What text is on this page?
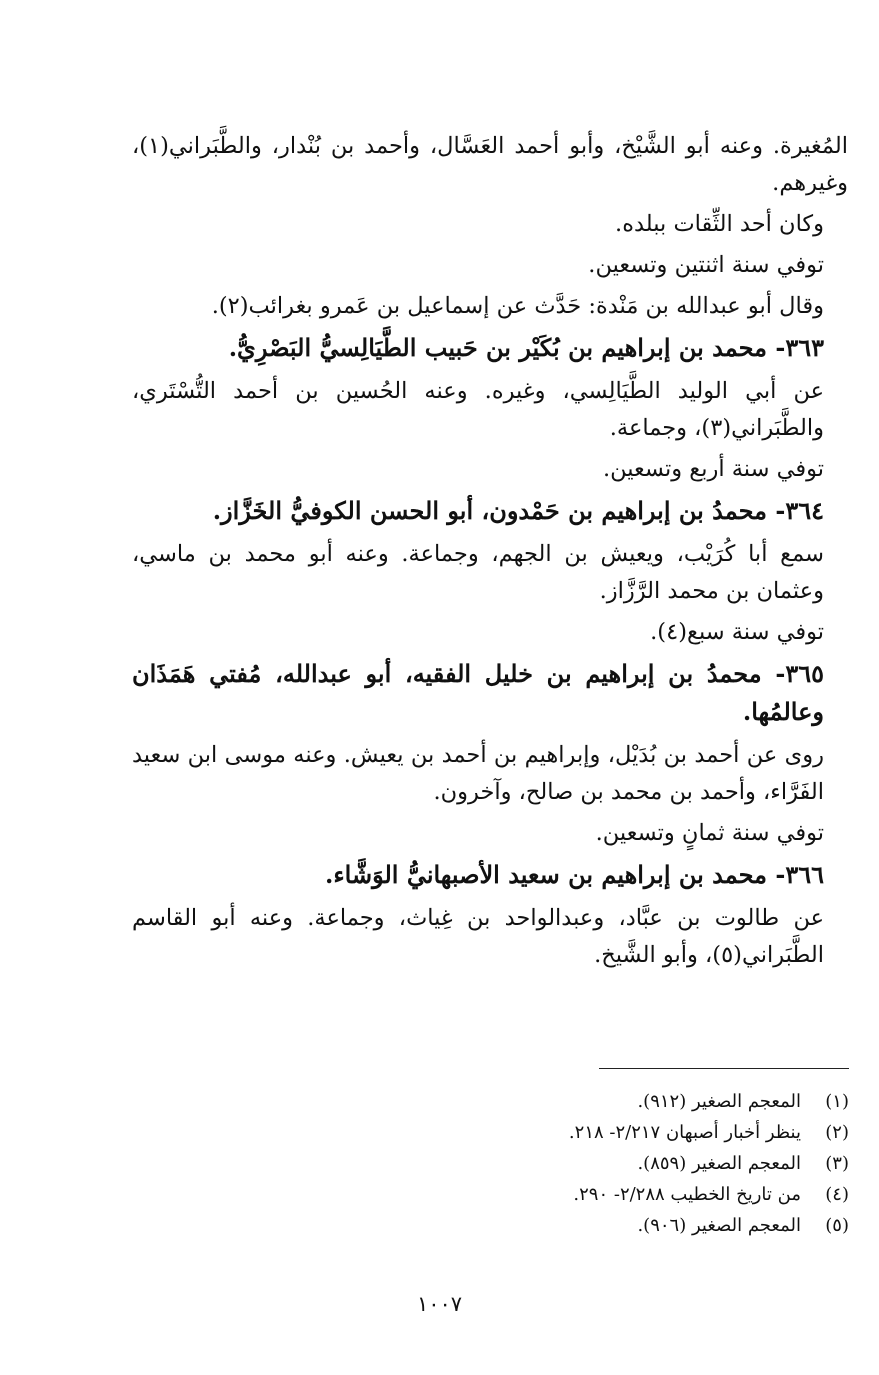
المُغيرة. وعنه أبو الشَّيْخ، وأبو أحمد العَسَّال، وأحمد بن بُنْدار، والطَّبَراني(١)، وغيرهم.

وكان أحد الثِّقات ببلده.

توفي سنة اثنتين وتسعين.

وقال أبو عبدالله بن مَنْدة: حَدَّث عن إسماعيل بن عَمرو بغرائب(٢).

٣٦٣- محمد بن إبراهيم بن بُكَيْر بن حَبيب الطَّيَالِسيُّ البَصْرِيُّ.

عن أبي الوليد الطَّيَالِسي، وغيره. وعنه الحُسين بن أحمد التُّسْتَري، والطَّبَراني(٣)، وجماعة.

توفي سنة أربع وتسعين.

٣٦٤- محمدُ بن إبراهيم بن حَمْدون، أبو الحسن الكوفيُّ الخَزَّاز.

سمع أبا كُرَيْب، ويعيش بن الجهم، وجماعة. وعنه أبو محمد بن ماسي، وعثمان بن محمد الرَّزَّاز.

توفي سنة سبع(٤).

٣٦٥- محمدُ بن إبراهيم بن خليل الفقيه، أبو عبدالله، مُفتي هَمَذَان وعالمُها.

روى عن أحمد بن بُدَيْل، وإبراهيم بن أحمد بن يعيش. وعنه موسى ابن سعيد الفَرَّاء، وأحمد بن محمد بن صالح، وآخرون.

توفي سنة ثمانٍ وتسعين.

٣٦٦- محمد بن إبراهيم بن سعيد الأصبهانيُّ الوَشَّاء.

عن طالوت بن عبَّاد، وعبدالواحد بن غِياث، وجماعة. وعنه أبو القاسم الطَّبَراني(٥)، وأبو الشَّيخ.

(١)
المعجم الصغير (٩١٢).
(٢)
ينظر أخبار أصبهان ٢/٢١٧- ٢١٨.
(٣)
المعجم الصغير (٨٥٩).
(٤)
من تاريخ الخطيب ٢/٢٨٨- ٢٩٠.
(٥)
المعجم الصغير (٩٠٦).
١٠٠٧
